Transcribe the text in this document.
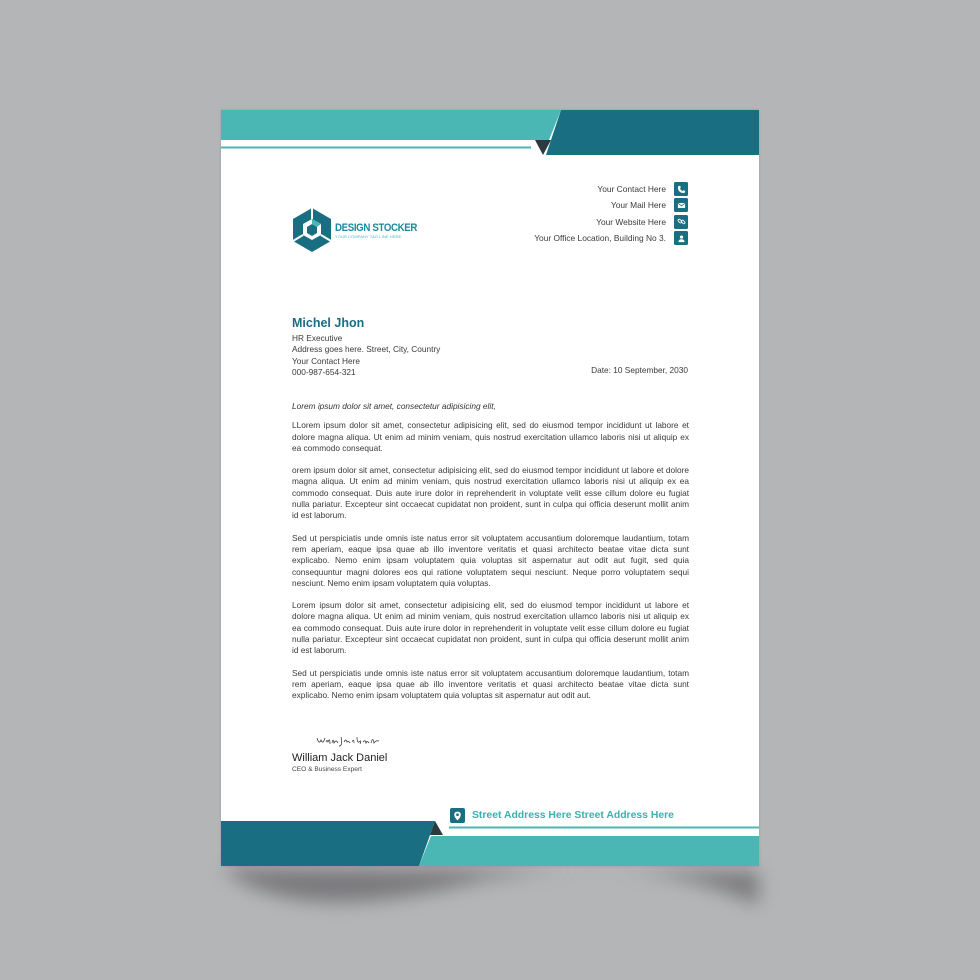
Your Contact Here
Your Mail Here
Your Website Here
Your Office Location, Building No 3.
DESIGN STOCKER
YOUR COMPANY TAG LINE HERE
Michel Jhon
HR Executive
Address goes here. Street, City, Country
Your Contact Here
000-987-654-321	Date: 10 September, 2030
Lorem ipsum dolor sit amet, consectetur adipisicing elit,

LLorem ipsum dolor sit amet, consectetur adipisicing elit, sed do eiusmod tempor incididunt ut labore et dolore magna aliqua. Ut enim ad minim veniam, quis nostrud exercitation ullamco laboris nisi ut aliquip ex ea commodo consequat.

orem ipsum dolor sit amet, consectetur adipisicing elit, sed do eiusmod tempor incididunt ut labore et dolore magna aliqua. Ut enim ad minim veniam, quis nostrud exercitation ullamco laboris nisi ut aliquip ex ea commodo consequat. Duis aute irure dolor in reprehenderit in voluptate velit esse cillum dolore eu fugiat nulla pariatur. Excepteur sint occaecat cupidatat non proident, sunt in culpa qui officia deserunt mollit anim id est laborum.

Sed ut perspiciatis unde omnis iste natus error sit voluptatem accusantium doloremque laudantium, totam rem aperiam, eaque ipsa quae ab illo inventore veritatis et quasi architecto beatae vitae dicta sunt explicabo. Nemo enim ipsam voluptatem quia voluptas sit aspernatur aut odit aut fugit, sed quia consequuntur magni dolores eos qui ratione voluptatem sequi nesciunt. Neque porro voluptatem sequi nesciunt. Nemo enim ipsam voluptatem quia voluptas.

Lorem ipsum dolor sit amet, consectetur adipisicing elit, sed do eiusmod tempor incididunt ut labore et dolore magna aliqua. Ut enim ad minim veniam, quis nostrud exercitation ullamco laboris nisi ut aliquip ex ea commodo consequat. Duis aute irure dolor in reprehenderit in voluptate velit esse cillum dolore eu fugiat nulla pariatur. Excepteur sint occaecat cupidatat non proident, sunt in culpa qui officia deserunt mollit anim id est laborum.

Sed ut perspiciatis unde omnis iste natus error sit voluptatem accusantium doloremque laudantium, totam rem aperiam, eaque ipsa quae ab illo inventore veritatis et quasi architecto beatae vitae dicta sunt explicabo. Nemo enim ipsam voluptatem quia voluptas sit aspernatur aut odit aut.

William Jack Daniel
CEO & Business Expert
Street Address Here Street Address Here
